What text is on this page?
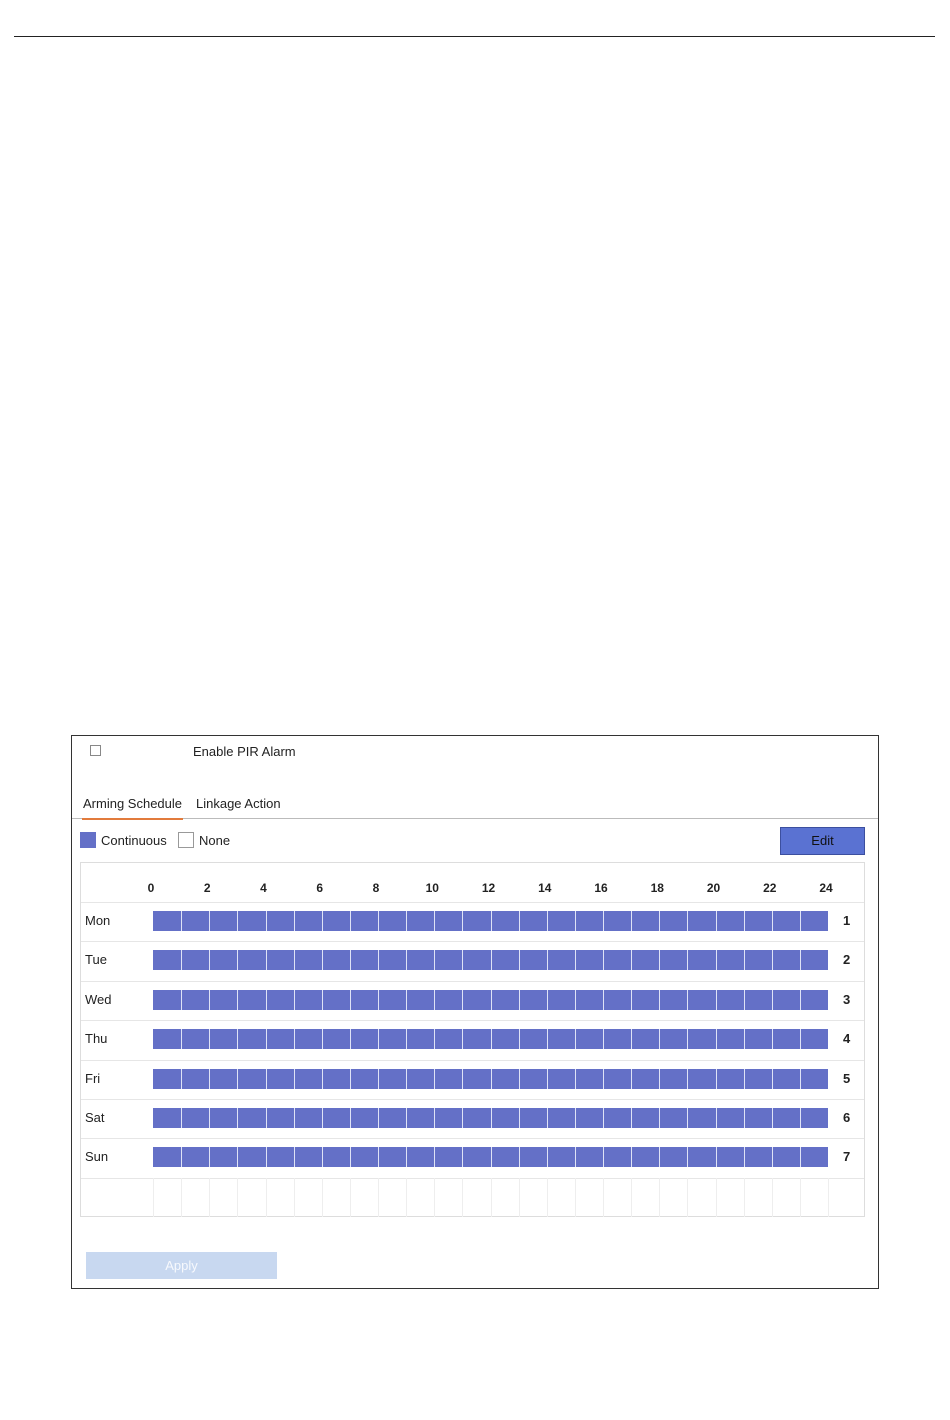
Enable PIR Alarm
Arming Schedule Linkage Action
Continuous None	Edit
0	2	4	6	8	10	12	14	16	18	20	22	24
Mon	1
Tue	2
Wed	3
Thu	4
Fri	5
Sat	6
Sun	7
Apply
